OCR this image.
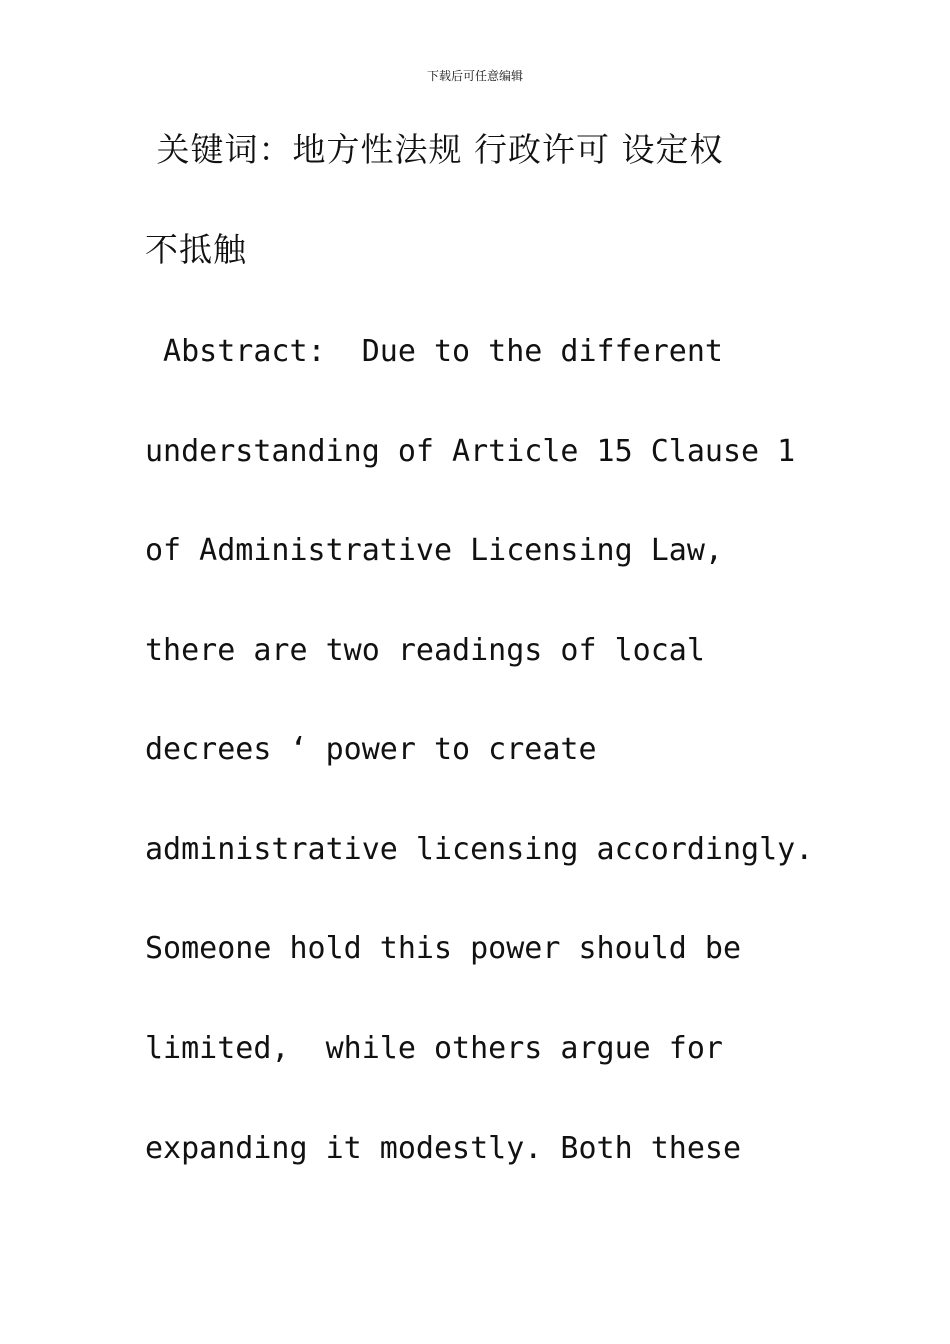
下载后可任意编辑
关键词：地方性法规 行政许可 设定权
不抵触
Abstract:  Due to the different
understanding of Article 15 Clause 1
of Administrative Licensing Law,
there are two readings of local
decrees ‘ power to create
administrative licensing accordingly.
Someone hold this power should be
limited,  while others argue for
expanding it modestly. Both these
